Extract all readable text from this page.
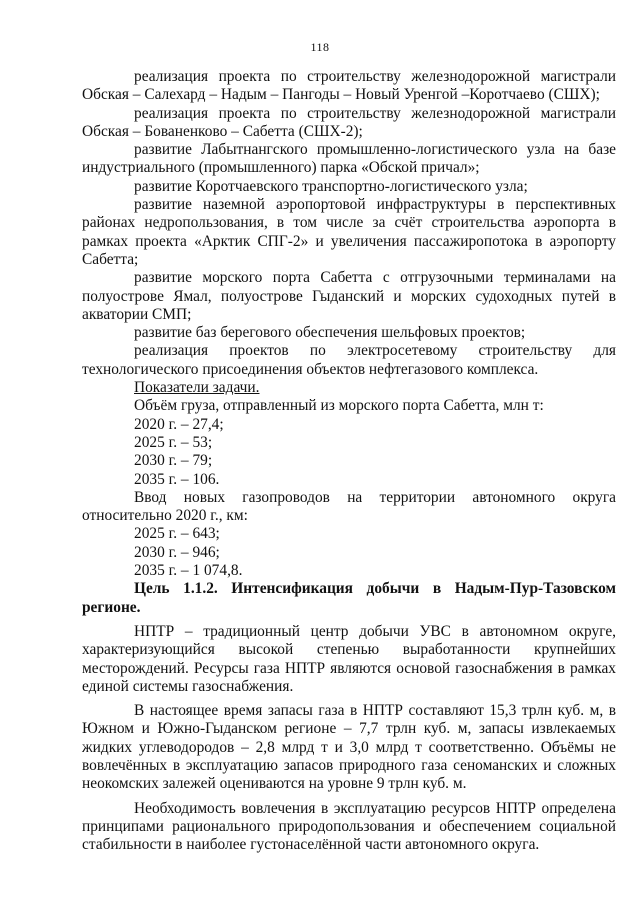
118

реализация проекта по строительству железнодорожной магистрали Обская – Салехард – Надым – Пангоды – Новый Уренгой –Коротчаево (СШХ);

реализация проекта по строительству железнодорожной магистрали Обская – Бованенково – Сабетта (СШХ-2);

развитие Лабытнангского промышленно-логистического узла на базе индустриального (промышленного) парка «Обской причал»;

развитие Коротчаевского транспортно-логистического узла;

развитие наземной аэропортовой инфраструктуры в перспективных районах недропользования, в том числе за счёт строительства аэропорта в рамках проекта «Арктик СПГ-2» и увеличения пассажиропотока в аэропорту Сабетта;

развитие морского порта Сабетта с отгрузочными терминалами на полуострове Ямал, полуострове Гыданский и морских судоходных путей в акватории СМП;

развитие баз берегового обеспечения шельфовых проектов;

реализация проектов по электросетевому строительству для технологического присоединения объектов нефтегазового комплекса.

Показатели задачи.

Объём груза, отправленный из морского порта Сабетта, млн т:

2020 г. – 27,4;

2025 г. – 53;

2030 г. – 79;

2035 г. – 106.

Ввод новых газопроводов на территории автономного округа относительно 2020 г., км:

2025 г. – 643;

2030 г. – 946;

2035 г. – 1 074,8.

Цель 1.1.2. Интенсификация добычи в Надым-Пур-Тазовском регионе.

НПТР – традиционный центр добычи УВС в автономном округе, характеризующийся высокой степенью выработанности крупнейших месторождений. Ресурсы газа НПТР являются основой газоснабжения в рамках единой системы газоснабжения.

В настоящее время запасы газа в НПТР составляют 15,3 трлн куб. м, в Южном и Южно-Гыданском регионе – 7,7 трлн куб. м, запасы извлекаемых жидких углеводородов – 2,8 млрд т и 3,0 млрд т соответственно. Объёмы не вовлечённых в эксплуатацию запасов природного газа сеноманских и сложных неокомских залежей оцениваются на уровне 9 трлн куб. м.

Необходимость вовлечения в эксплуатацию ресурсов НПТР определена принципами рационального природопользования и обеспечением социальной стабильности в наиболее густонаселённой части автономного округа.
